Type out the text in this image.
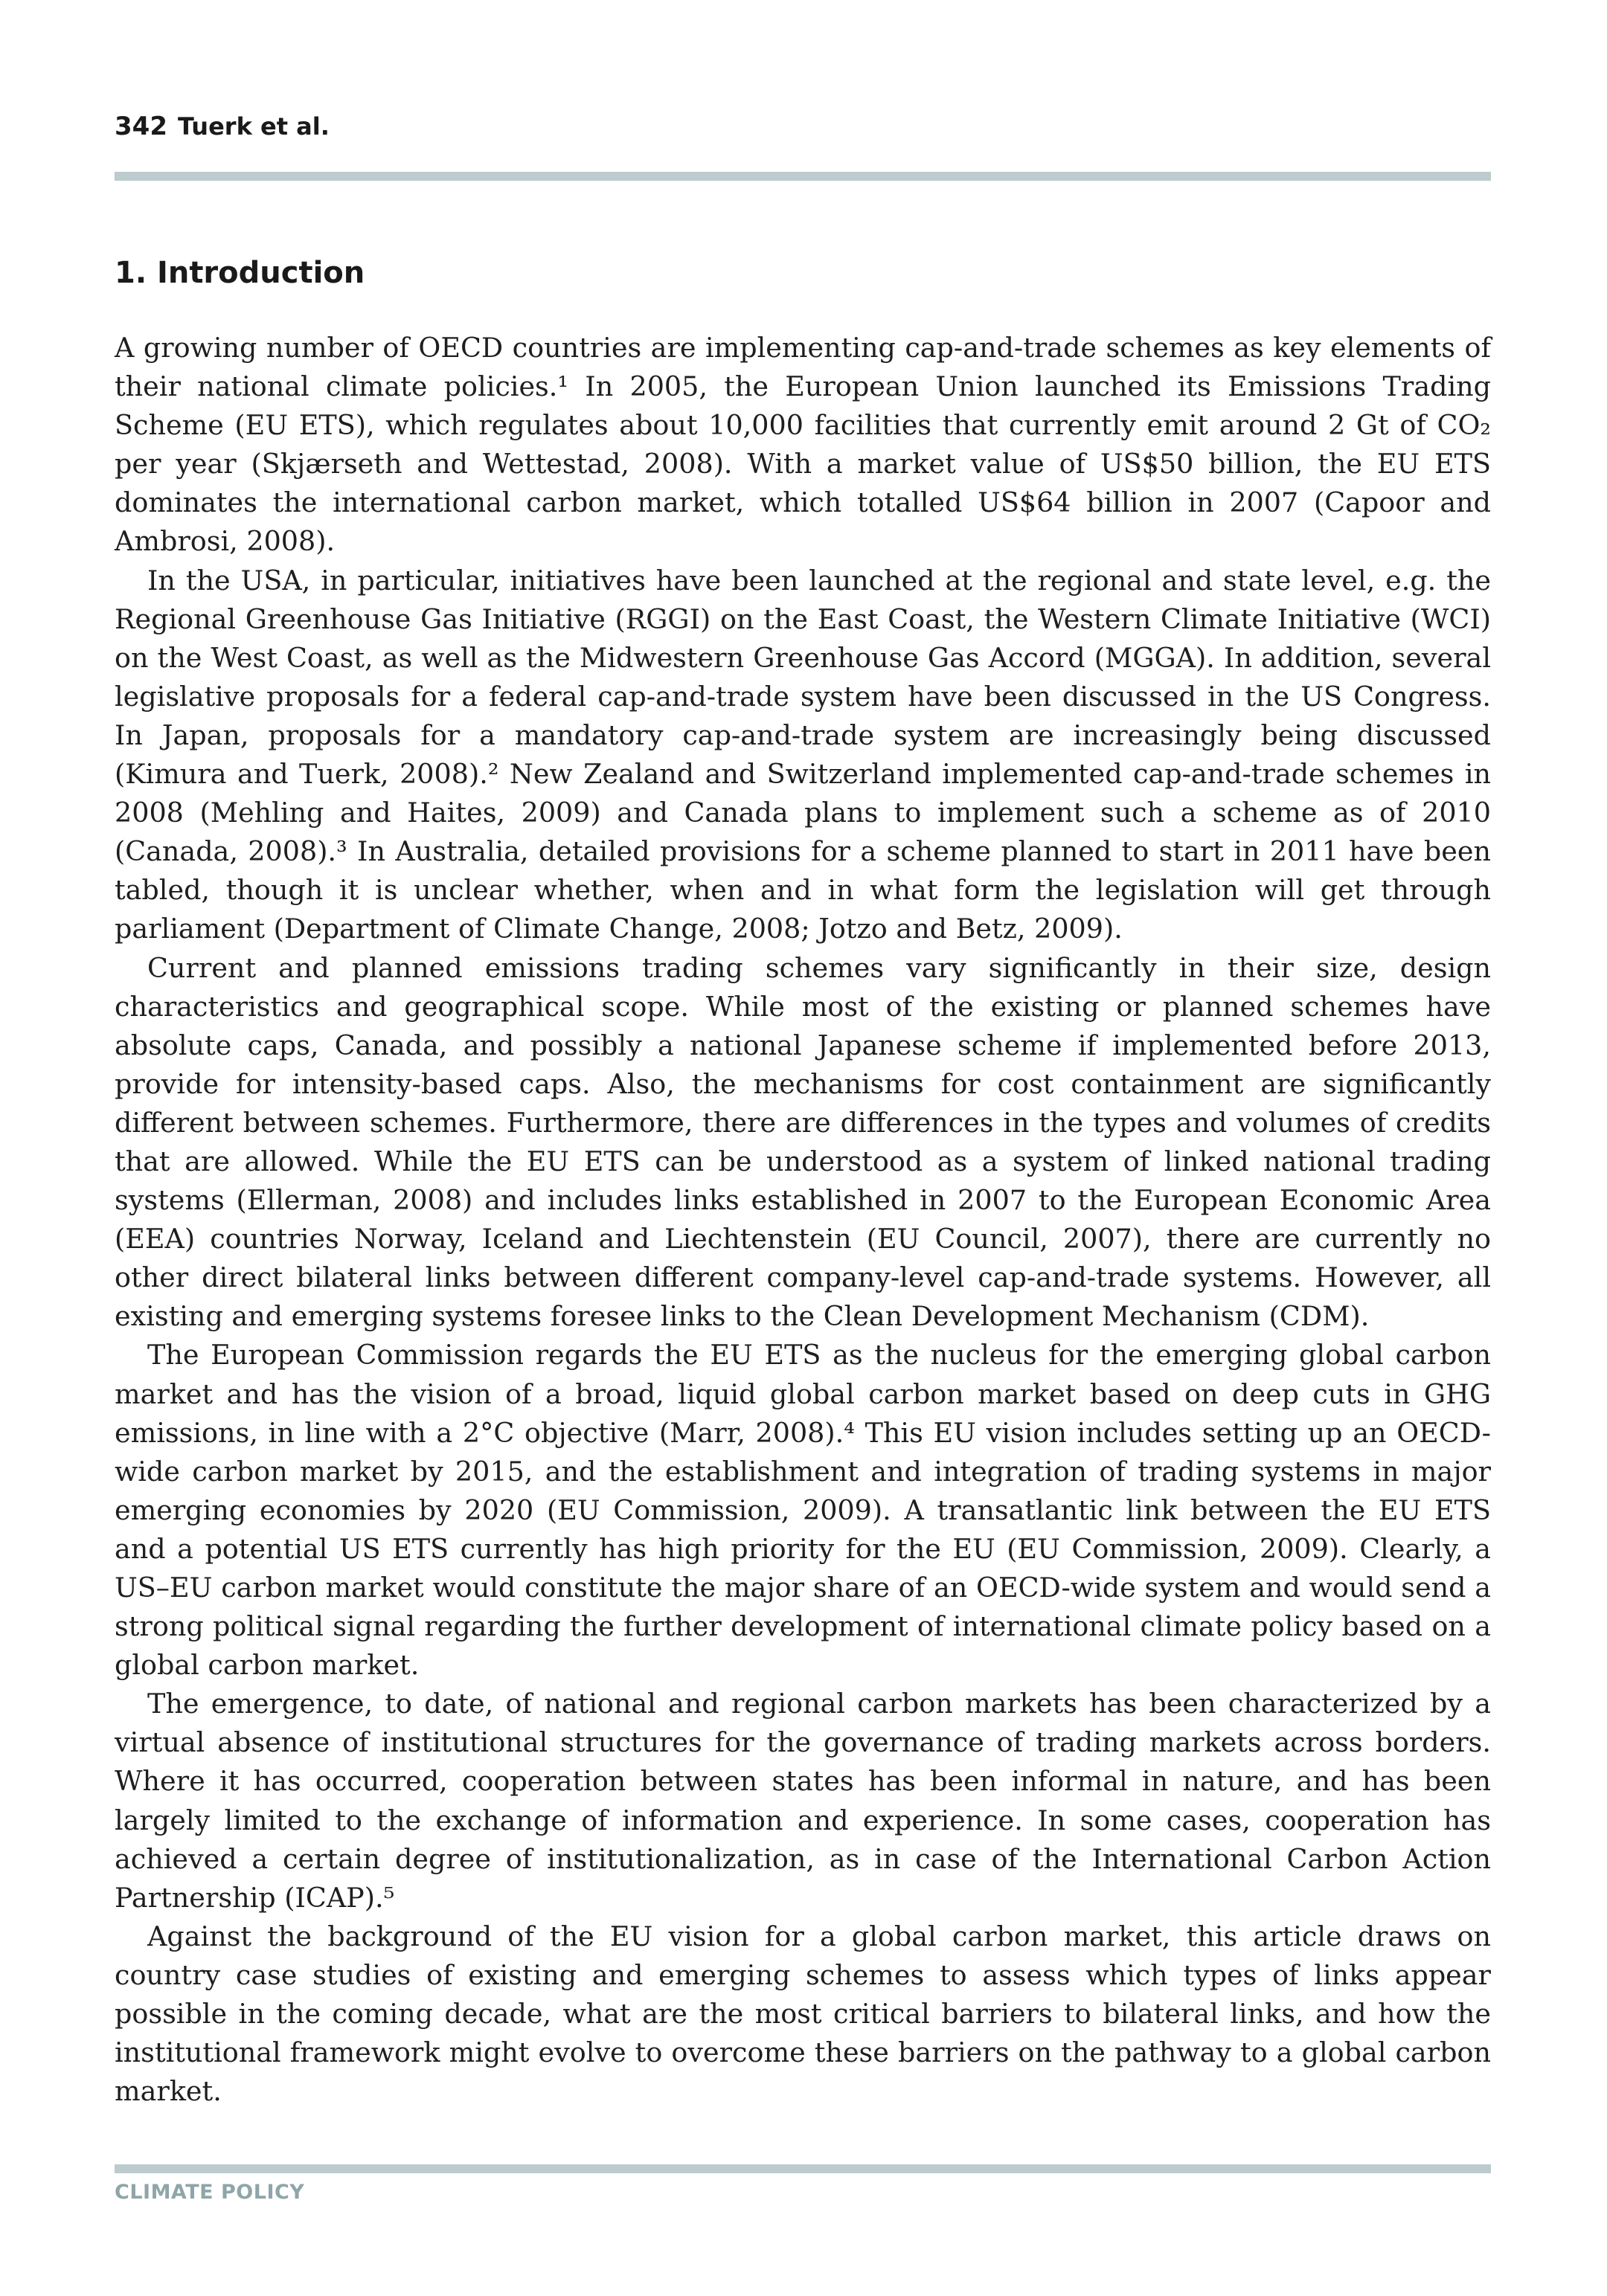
342 Tuerk et al.
1. Introduction

A growing number of OECD countries are implementing cap-and-trade schemes as key elements of their national climate policies.¹ In 2005, the European Union launched its Emissions Trading Scheme (EU ETS), which regulates about 10,000 facilities that currently emit around 2 Gt of CO₂ per year (Skjærseth and Wettestad, 2008). With a market value of US$50 billion, the EU ETS dominates the international carbon market, which totalled US$64 billion in 2007 (Capoor and Ambrosi, 2008).

In the USA, in particular, initiatives have been launched at the regional and state level, e.g. the Regional Greenhouse Gas Initiative (RGGI) on the East Coast, the Western Climate Initiative (WCI) on the West Coast, as well as the Midwestern Greenhouse Gas Accord (MGGA). In addition, several legislative proposals for a federal cap-and-trade system have been discussed in the US Congress. In Japan, proposals for a mandatory cap-and-trade system are increasingly being discussed (Kimura and Tuerk, 2008).² New Zealand and Switzerland implemented cap-and-trade schemes in 2008 (Mehling and Haites, 2009) and Canada plans to implement such a scheme as of 2010 (Canada, 2008).³ In Australia, detailed provisions for a scheme planned to start in 2011 have been tabled, though it is unclear whether, when and in what form the legislation will get through parliament (Department of Climate Change, 2008; Jotzo and Betz, 2009).

Current and planned emissions trading schemes vary significantly in their size, design characteristics and geographical scope. While most of the existing or planned schemes have absolute caps, Canada, and possibly a national Japanese scheme if implemented before 2013, provide for intensity-based caps. Also, the mechanisms for cost containment are significantly different between schemes. Furthermore, there are differences in the types and volumes of credits that are allowed. While the EU ETS can be understood as a system of linked national trading systems (Ellerman, 2008) and includes links established in 2007 to the European Economic Area (EEA) countries Norway, Iceland and Liechtenstein (EU Council, 2007), there are currently no other direct bilateral links between different company-level cap-and-trade systems. However, all existing and emerging systems foresee links to the Clean Development Mechanism (CDM).

The European Commission regards the EU ETS as the nucleus for the emerging global carbon market and has the vision of a broad, liquid global carbon market based on deep cuts in GHG emissions, in line with a 2°C objective (Marr, 2008).⁴ This EU vision includes setting up an OECD-wide carbon market by 2015, and the establishment and integration of trading systems in major emerging economies by 2020 (EU Commission, 2009). A transatlantic link between the EU ETS and a potential US ETS currently has high priority for the EU (EU Commission, 2009). Clearly, a US–EU carbon market would constitute the major share of an OECD-wide system and would send a strong political signal regarding the further development of international climate policy based on a global carbon market.

The emergence, to date, of national and regional carbon markets has been characterized by a virtual absence of institutional structures for the governance of trading markets across borders. Where it has occurred, cooperation between states has been informal in nature, and has been largely limited to the exchange of information and experience. In some cases, cooperation has achieved a certain degree of institutionalization, as in case of the International Carbon Action Partnership (ICAP).⁵

Against the background of the EU vision for a global carbon market, this article draws on country case studies of existing and emerging schemes to assess which types of links appear possible in the coming decade, what are the most critical barriers to bilateral links, and how the institutional framework might evolve to overcome these barriers on the pathway to a global carbon market.

CLIMATE POLICY
